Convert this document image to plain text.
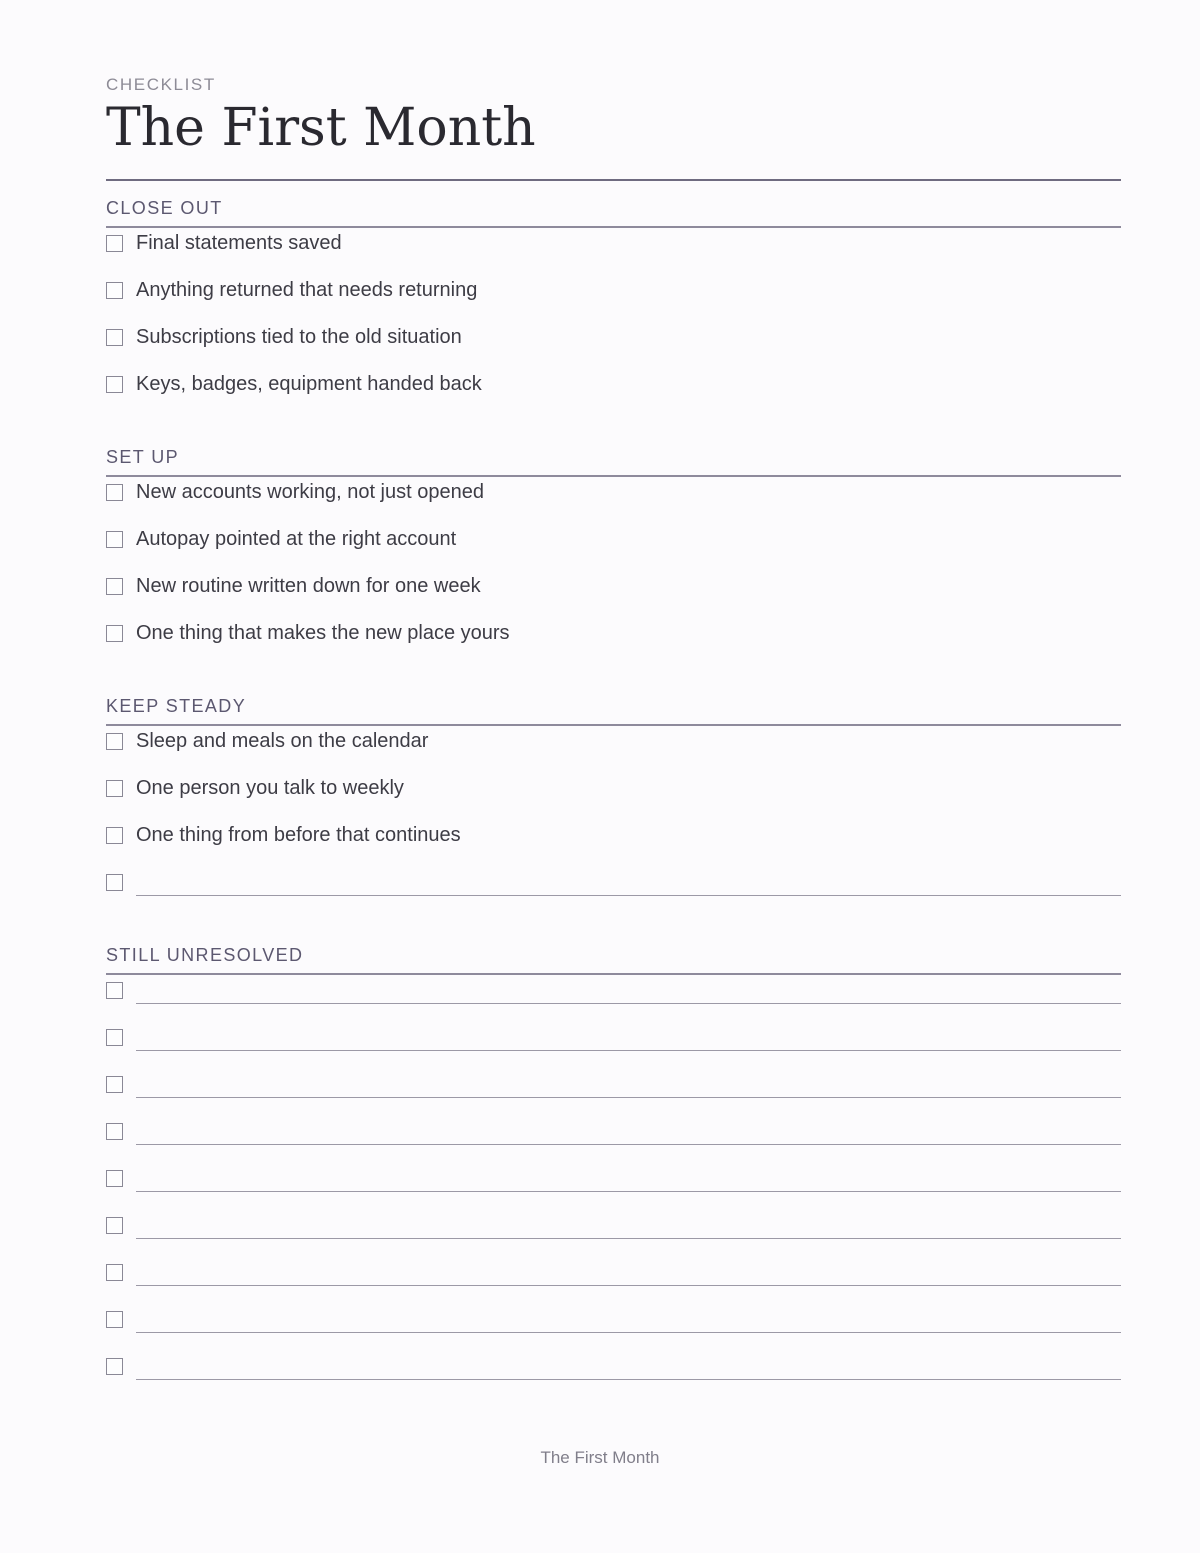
CHECKLIST
The First Month
CLOSE OUT
Final statements saved
Anything returned that needs returning
Subscriptions tied to the old situation
Keys, badges, equipment handed back
SET UP
New accounts working, not just opened
Autopay pointed at the right account
New routine written down for one week
One thing that makes the new place yours
KEEP STEADY
Sleep and meals on the calendar
One person you talk to weekly
One thing from before that continues
STILL UNRESOLVED
The First Month
